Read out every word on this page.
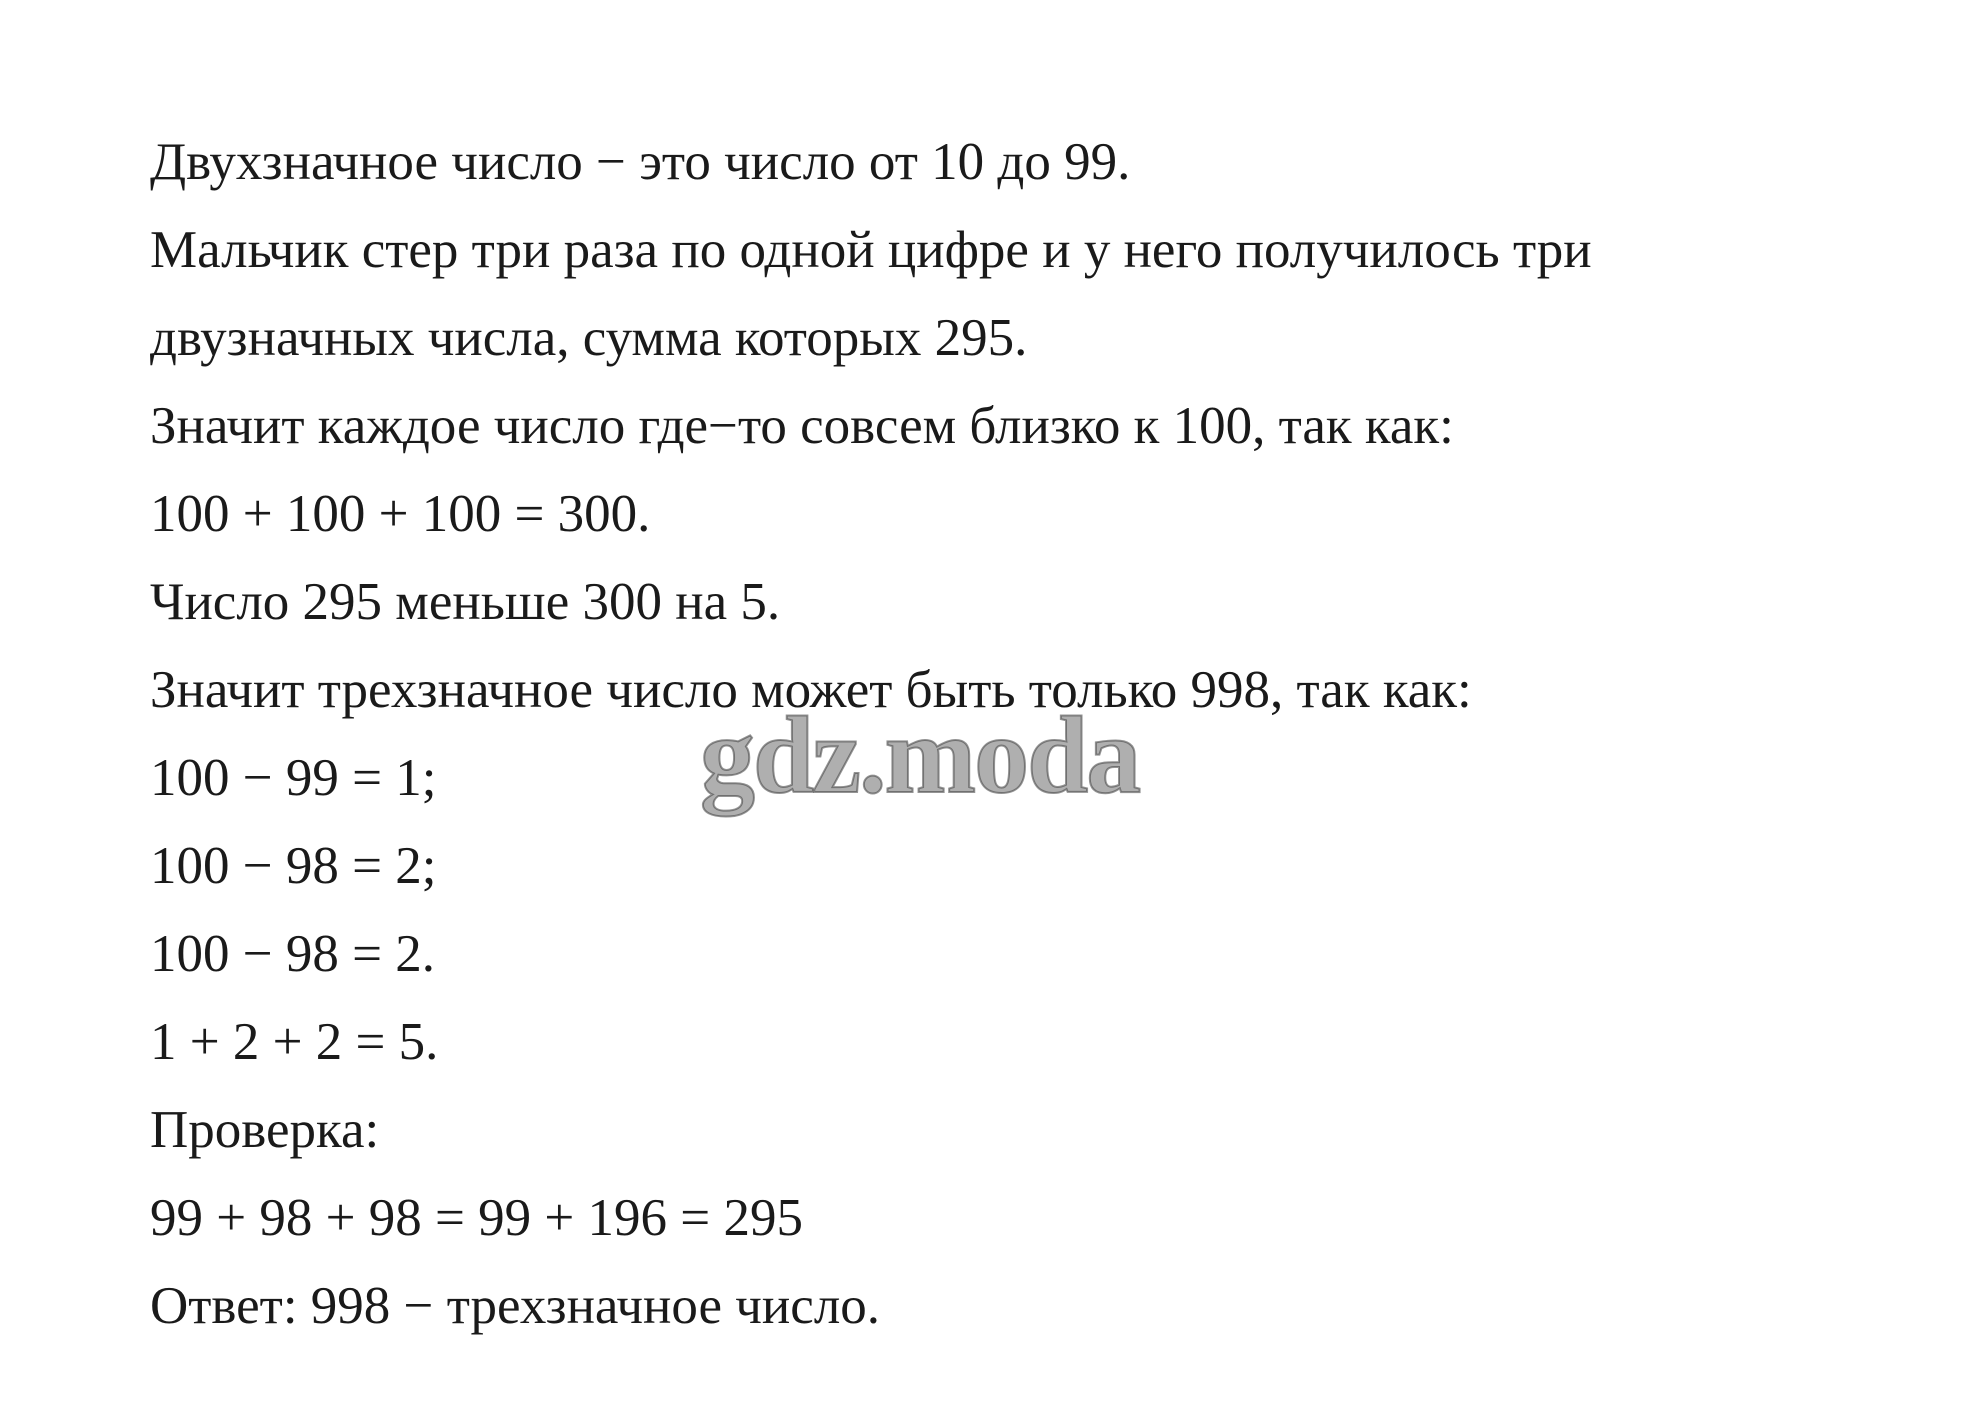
Двухзначное число − это число от 10 до 99.

Мальчик стер три раза по одной цифре и у него получилось три

двузначных числа, сумма которых 295.

Значит каждое число где−то совсем близко к 100, так как:

100 + 100 + 100 = 300.

Число 295 меньше 300 на 5.

Значит трехзначное число может быть только 998, так как:

100 − 99 = 1;

100 − 98 = 2;

100 − 98 = 2.

1 + 2 + 2 = 5.

Проверка:

99 + 98 + 98 = 99 + 196 = 295

Ответ: 998 − трехзначное число.

gdz.moda
